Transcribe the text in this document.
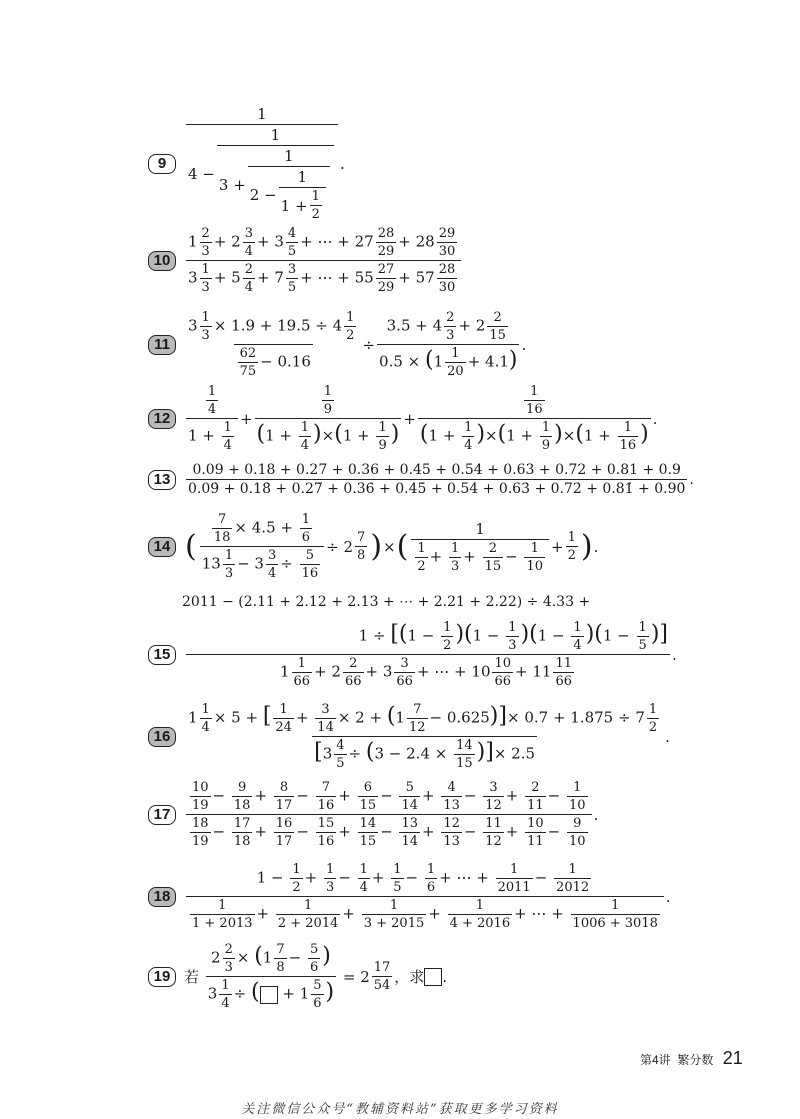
9
1
4 −
1
3 +
1
2 −
1
1 + 1
2
.
10
$1 \frac{2}{3} + 2 \frac{3}{4} + 3 \frac{4}{5}$ + ⋯ + $27 \frac{28}{29} + 28 \frac{29}{30}$
$3 \frac{1}{3} + 5 \frac{2}{4} + 7 \frac{3}{5}$ + ⋯ + $55 \frac{27}{29} + 57 \frac{28}{30}$
11
$3 \frac{1}{3} \times 1.9 + 19.5 \div 4 \frac{1}{2}$
$\frac{62}{75} - 0.16$
÷
$3.5 + 4 \frac{2}{3} + 2 \frac{2}{15}$
$0.5 \times (1 \frac{1}{20} + 4.1)$
.
12
$\frac{1}{4}$
$1 + \frac{1}{4}$
+
$\frac{1}{9}$
$(1 + \frac{1}{4} )\times(1 + \frac{1}{9}$ )
+
$\frac{1}{16}$
$(1 + \frac{1}{4} )\times(1 + \frac{1}{9} )\times(1 + \frac{1}{16}$ )
.
13
0.09 + 0.18 + 0.27 + 0.36 + 0.45 + 0.54 + 0.63 + 0.72 + 0.81 + 0.9
0.09̇ + 0.18̇ + 0.27̇ + 0.36̇ + 0.45̇ + 0.54̇ + 0.63̇ + 0.72̇ + 0.81̇ + 0.90̇
.
14 ( $\frac{7}{18} \times 4.5 + \frac{1}{6}$
$13 \frac{1}{3} - 3 \frac{3}{4} \div \frac{5}{16}$
÷ 2 7
8 ) × (	1
$\frac{1}{2} + \frac{1}{3} + \frac{2}{15} - \frac{1}{10} + 1$
2 ) .
2011 − (2.11 + 2.12 + 2.13 + ⋯ + 2.21 + 2.22) ÷ 4.33 +
15
$1 \div [(1 - \frac{1}{2} )(1 - \frac{1}{3} )(1 - \frac{1}{4} )(1 - \frac{1}{5}$ )]
$1 \frac{1}{66} + 2 \frac{2}{66} + 3 \frac{3}{66}$ + ⋯ + $10 \frac{10}{66} + 11 \frac{11}{66}$
.
16
$1 \frac{1}{4} \times 5$ + [ $\frac{1}{24} + \frac{3}{14} \times 2 + (1 \frac{7}{12} - 0.625)]\times 0.7 + 1.875 \div 7 \frac{1}{2}$
[$3 \frac{4}{5} \div (3 - 2.4 \times \frac{14}{15}$ )]× 2.5
.
17
$\frac{10}{19} - \frac{9}{18} + \frac{8}{17} - \frac{7}{16} + \frac{6}{15} - \frac{5}{14} + \frac{4}{13} - \frac{3}{12} + \frac{2}{11} - \frac{1}{10}$
$\frac{18}{19} - \frac{17}{18} + \frac{16}{17} - \frac{15}{16} + \frac{14}{15} - \frac{13}{14} + \frac{12}{13} - \frac{11}{12} + \frac{10}{11} - \frac{9}{10}$
.
18
$1 - \frac{1}{2} + \frac{1}{3} - \frac{1}{4} + \frac{1}{5} - \frac{1}{6}$ + ⋯ + $\frac{1}{2011} - \frac{1}{2012}$
$\frac{1}{1 + 2013} + \frac{1}{2 + 2014} + \frac{1}{3 + 2015} + \frac{1}{4 + 2016}$ + ⋯ + $\frac{1}{1006 + 3018}$
.
19 若

$2 \frac{2}{3} \times (1 \frac{7}{8} - \frac{5}{6}$ )
$3 \frac{1}{4}$ ÷ ( + $1 \frac{5}{6}$ )
= 2 17
54 ，求 .
第4讲 繁分数 21
关注微信公众号“教辅资料站”获取更多学习资料
